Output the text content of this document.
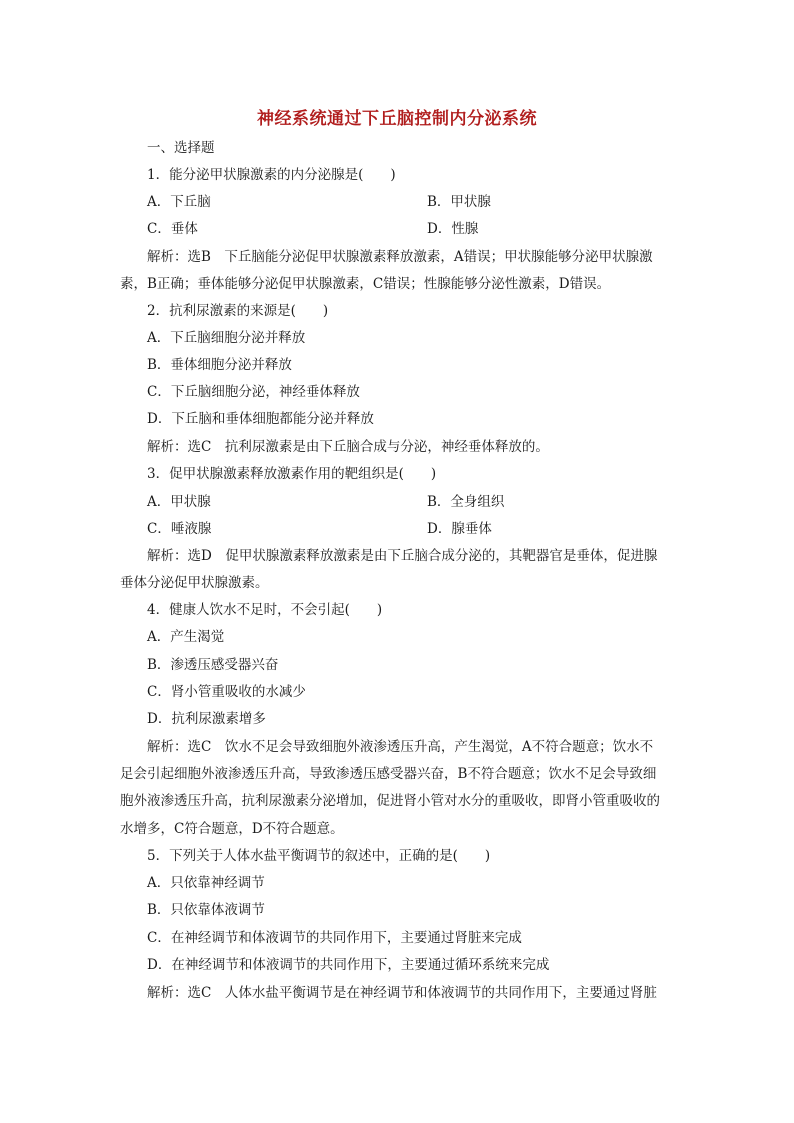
神经系统通过下丘脑控制内分泌系统
一、选择题
1．能分泌甲状腺激素的内分泌腺是(　　)
A．下丘脑	B．甲状腺
C．垂体	D．性腺
解析：选B　下丘脑能分泌促甲状腺激素释放激素，A错误；甲状腺能够分泌甲状腺激
素，B正确；垂体能够分泌促甲状腺激素，C错误；性腺能够分泌性激素，D错误。
2．抗利尿激素的来源是(　　)
A．下丘脑细胞分泌并释放
B．垂体细胞分泌并释放
C．下丘脑细胞分泌，神经垂体释放
D．下丘脑和垂体细胞都能分泌并释放
解析：选C　抗利尿激素是由下丘脑合成与分泌，神经垂体释放的。
3．促甲状腺激素释放激素作用的靶组织是(　　)
A．甲状腺	B．全身组织
C．唾液腺	D．腺垂体
解析：选D　促甲状腺激素释放激素是由下丘脑合成分泌的，其靶器官是垂体，促进腺
垂体分泌促甲状腺激素。
4．健康人饮水不足时，不会引起(　　)
A．产生渴觉
B．渗透压感受器兴奋
C．肾小管重吸收的水减少
D．抗利尿激素增多
解析：选C　饮水不足会导致细胞外液渗透压升高，产生渴觉，A不符合题意；饮水不
足会引起细胞外液渗透压升高，导致渗透压感受器兴奋，B不符合题意；饮水不足会导致细
胞外液渗透压升高，抗利尿激素分泌增加，促进肾小管对水分的重吸收，即肾小管重吸收的
水增多，C符合题意，D不符合题意。
5．下列关于人体水盐平衡调节的叙述中，正确的是(　　)
A．只依靠神经调节
B．只依靠体液调节
C．在神经调节和体液调节的共同作用下，主要通过肾脏来完成
D．在神经调节和体液调节的共同作用下，主要通过循环系统来完成
解析：选C　人体水盐平衡调节是在神经调节和体液调节的共同作用下，主要通过肾脏
